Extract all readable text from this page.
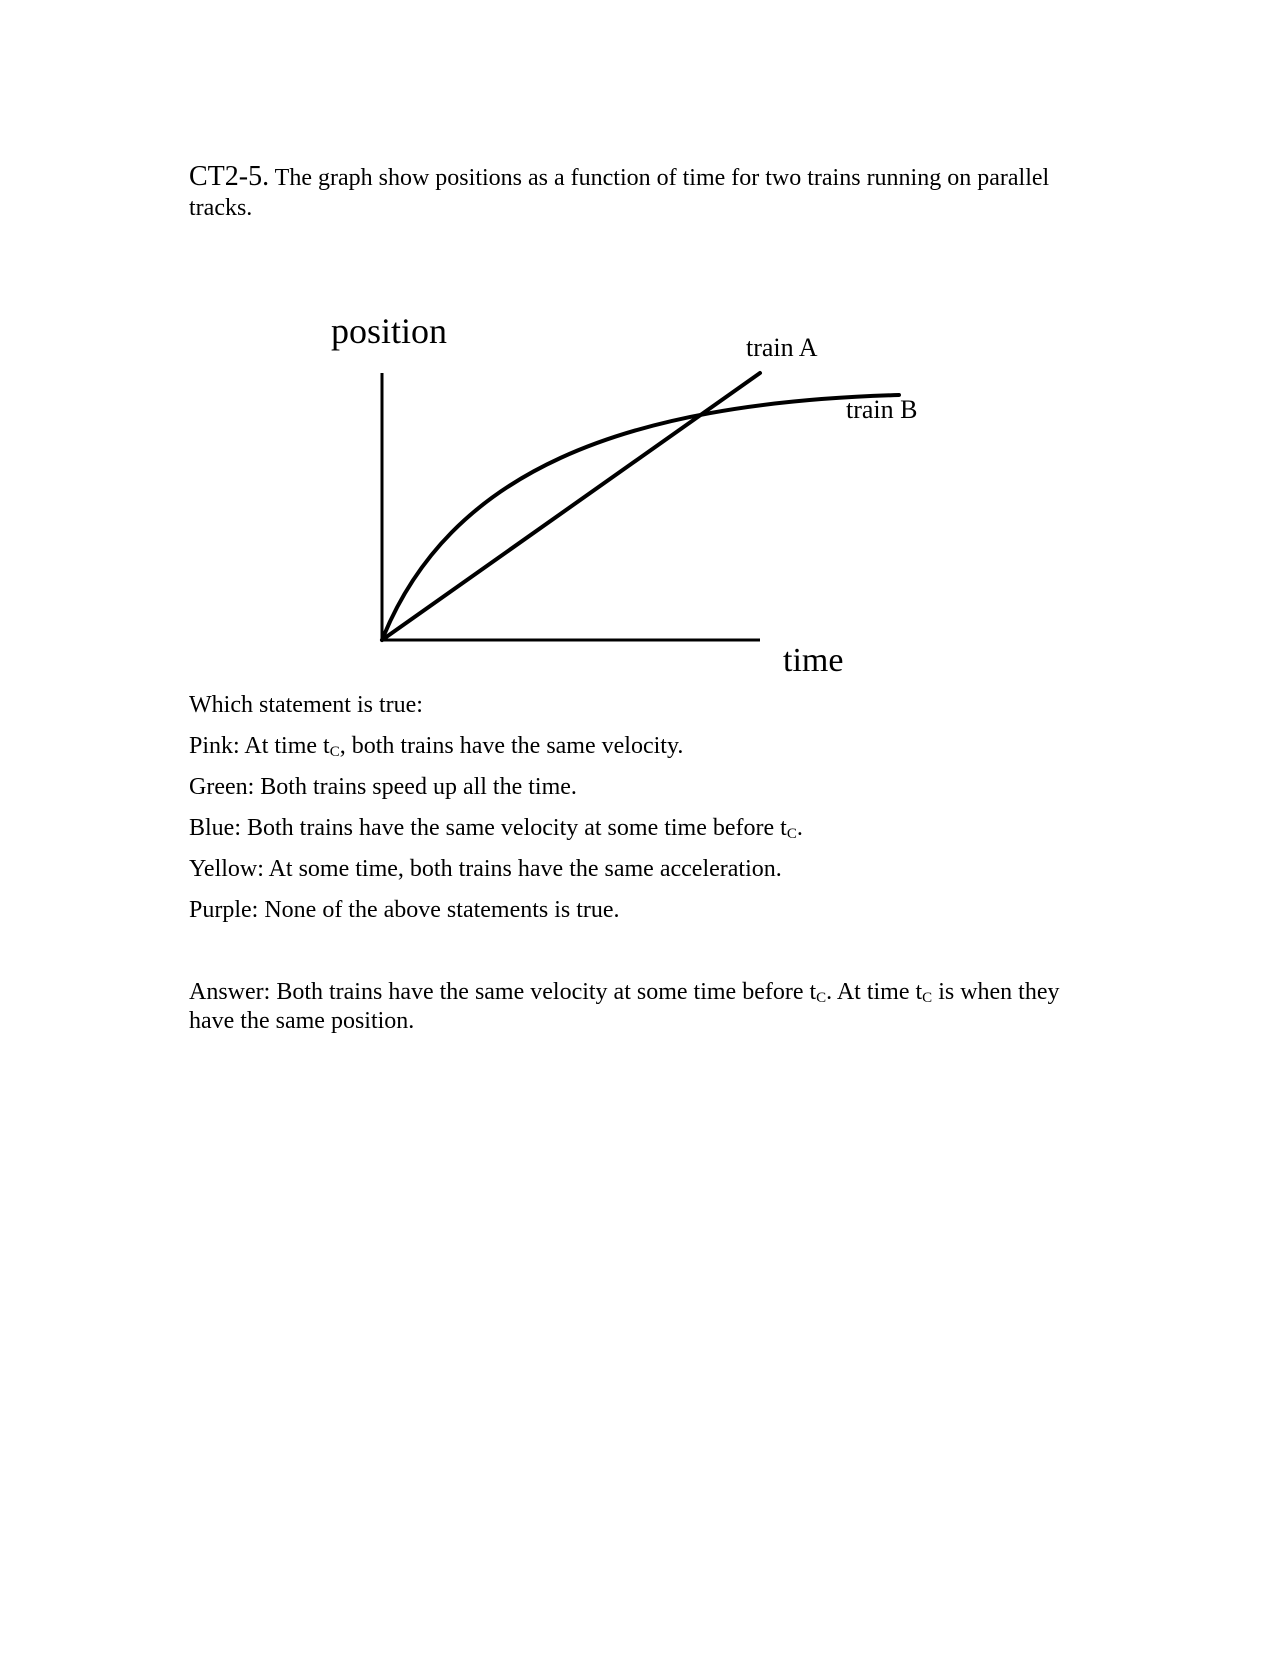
CT2-5. The graph show positions as a function of time for two trains running on parallel tracks.

position
time
train A
train B

Which statement is true:

Pink: At time $t_C$, both trains have the same velocity.

Green: Both trains speed up all the time.

Blue: Both trains have the same velocity at some time before $t_C$.

Yellow: At some time, both trains have the same acceleration.

Purple: None of the above statements is true.

Answer: Both trains have the same velocity at some time before $t_C$. At time $t_C$ is when they have the same position.
